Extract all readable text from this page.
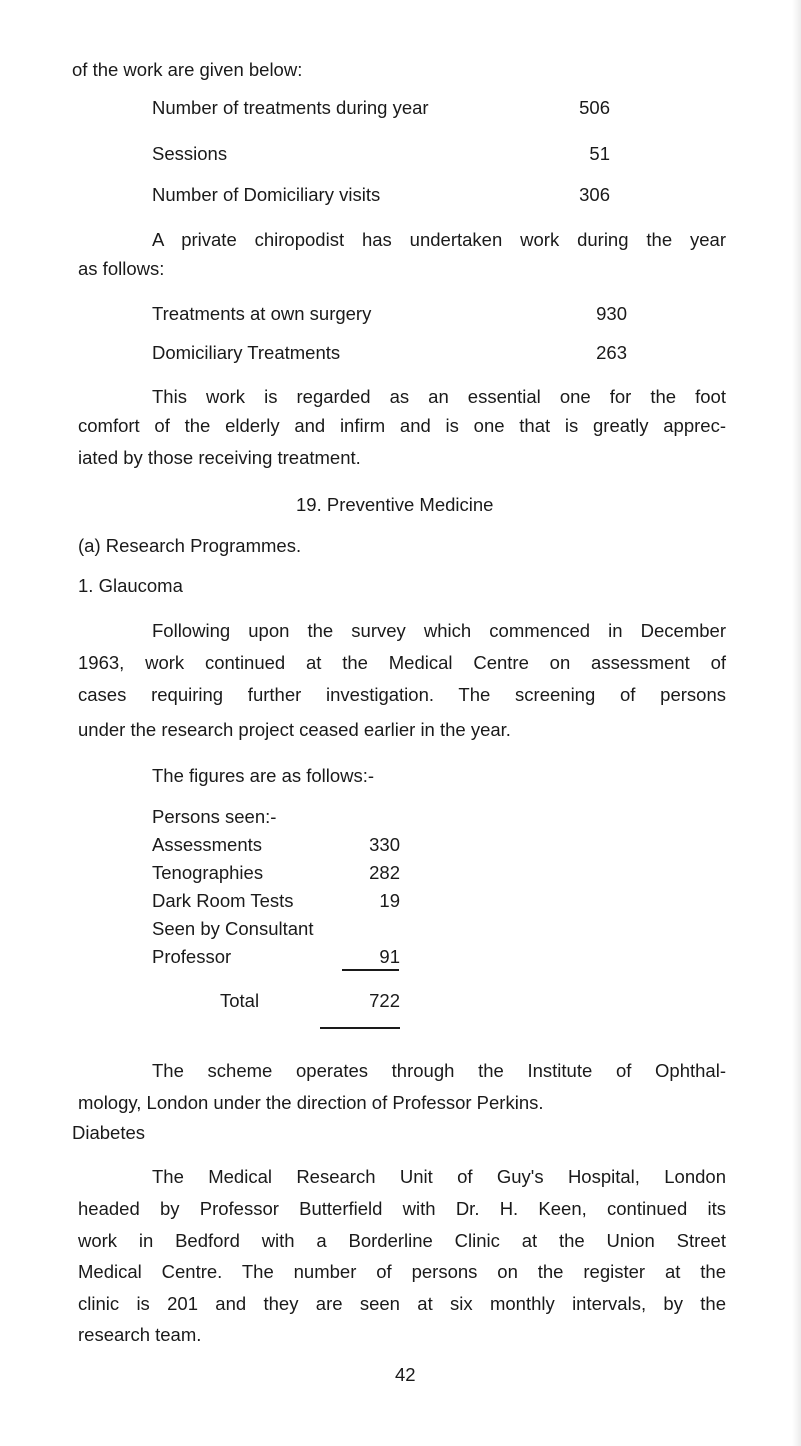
of the work are given below:
Number of treatments during year	506
Sessions	51
Number of Domiciliary visits	306
A private chiropodist has undertaken work during the year
as follows:
Treatments at own surgery	930
Domiciliary Treatments	263
This work is regarded as an essential one for the foot
comfort of the elderly and infirm and is one that is greatly apprec-
iated by those receiving treatment.
19. Preventive Medicine
(a) Research Programmes.
1. Glaucoma
Following upon the survey which commenced in December
1963, work continued at the Medical Centre on assessment of
cases requiring further investigation. The screening of persons
under the research project ceased earlier in the year.
The figures are as follows:-
Persons seen:-
Assessments	330
Tenographies	282
Dark Room Tests	19
Seen by Consultant
Professor	91
Total	722
The scheme operates through the Institute of Ophthal-
mology, London under the direction of Professor Perkins.
Diabetes
The Medical Research Unit of Guy's Hospital, London
headed by Professor Butterfield with Dr. H. Keen, continued its
work in Bedford with a Borderline Clinic at the Union Street
Medical Centre. The number of persons on the register at the
clinic is 201 and they are seen at six monthly intervals, by the
research team.
42
